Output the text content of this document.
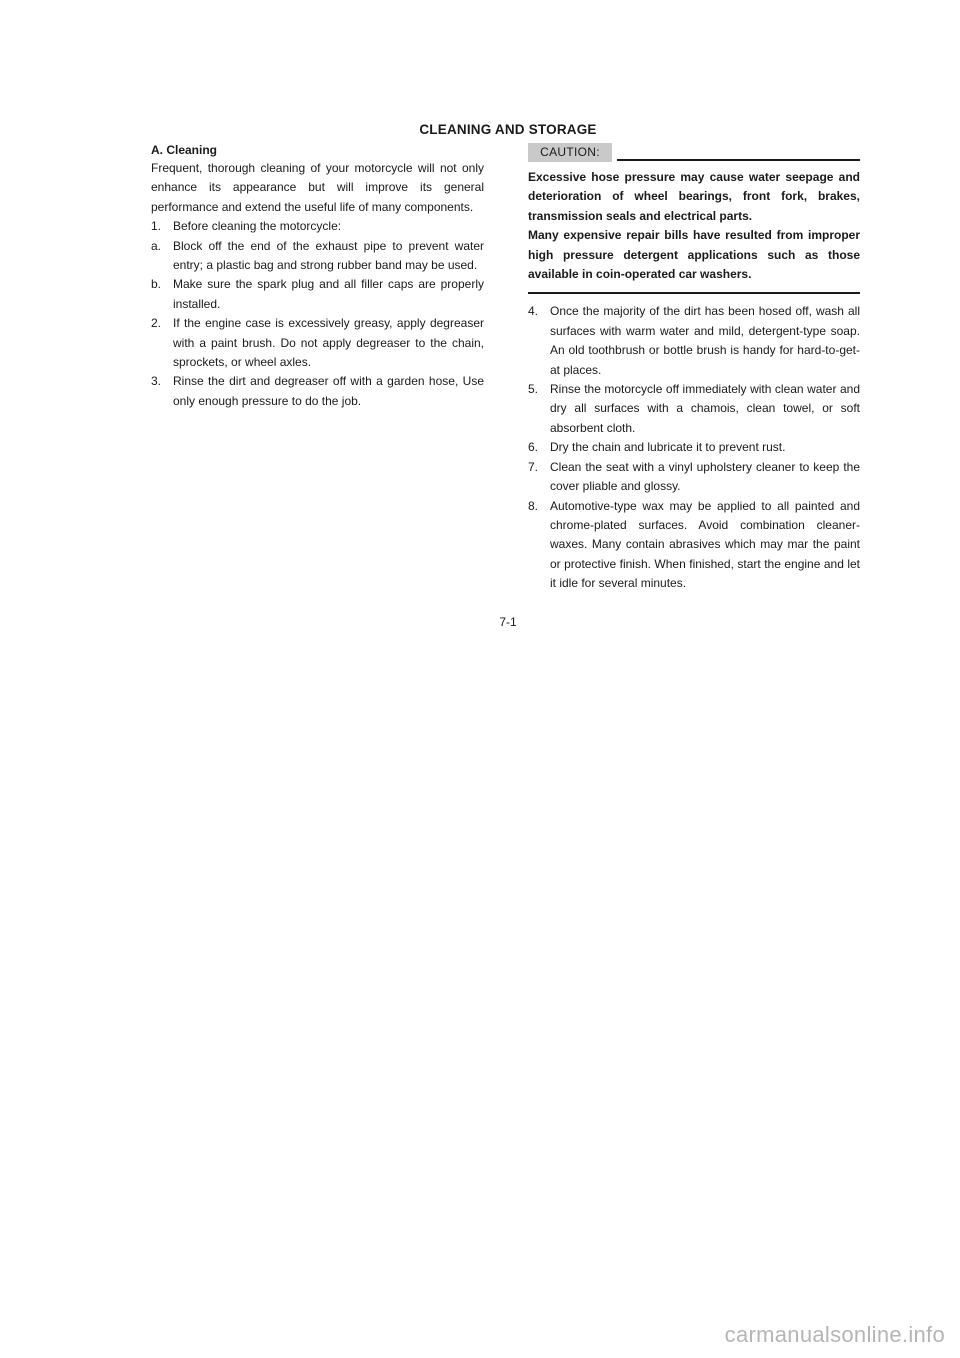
CLEANING AND STORAGE
A. Cleaning
Frequent, thorough cleaning of your motorcycle will not only enhance its appearance but will improve its general performance and extend the useful life of many components.
1. Before cleaning the motorcycle:
a. Block off the end of the exhaust pipe to prevent water entry; a plastic bag and strong rubber band may be used.
b. Make sure the spark plug and all filler caps are properly installed.
2. If the engine case is excessively greasy, apply degreaser with a paint brush. Do not apply degreaser to the chain, sprockets, or wheel axles.
3. Rinse the dirt and degreaser off with a garden hose, Use only enough pressure to do the job.
CAUTION:
Excessive hose pressure may cause water seepage and deterioration of wheel bearings, front fork, brakes, transmission seals and electrical parts.
Many expensive repair bills have resulted from improper high pressure detergent applications such as those available in coin-operated car washers.
4. Once the majority of the dirt has been hosed off, wash all surfaces with warm water and mild, detergent-type soap. An old toothbrush or bottle brush is handy for hard-to-get-at places.
5. Rinse the motorcycle off immediately with clean water and dry all surfaces with a chamois, clean towel, or soft absorbent cloth.
6. Dry the chain and lubricate it to prevent rust.
7. Clean the seat with a vinyl upholstery cleaner to keep the cover pliable and glossy.
8. Automotive-type wax may be applied to all painted and chrome-plated surfaces. Avoid combination cleaner-waxes. Many contain abrasives which may mar the paint or protective finish. When finished, start the engine and let it idle for several minutes.
7-1
carmanualsonline.info
